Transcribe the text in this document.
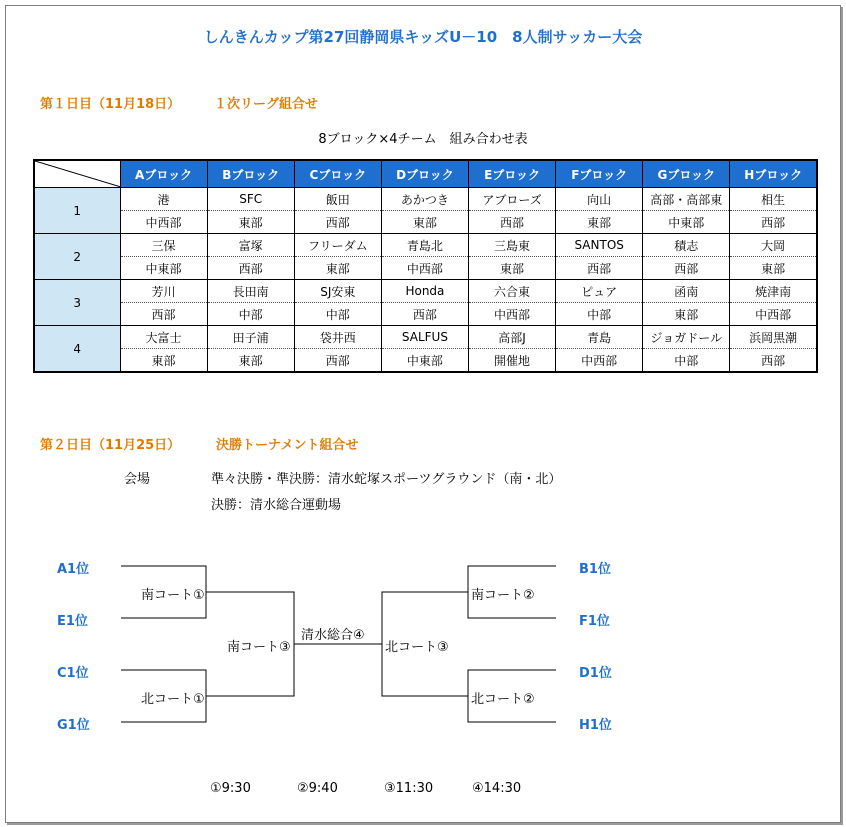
しんきんカップ第27回静岡県キッズU－10　8人制サッカー大会
第１日目（11月18日）	１次リーグ組合せ
8ブロック×4チーム　組み合わせ表
	Aブロック	Bブロック	Cブロック	Dブロック	Eブロック	Fブロック	Gブロック	Hブロック
1	港	SFC	飯田	あかつき	アブローズ	向山	高部・高部東	相生
	中西部	東部	西部	東部	西部	東部	中東部	西部
2	三保	富塚	フリーダム	青島北	三島東	SANTOS	積志	大岡
	中東部	西部	東部	中西部	東部	西部	西部	東部
3	芳川	長田南	SJ安東	Honda	六合東	ピュア	函南	焼津南
	西部	中部	中部	西部	中西部	中部	東部	中西部
4	大富士	田子浦	袋井西	SALFUS	高部J	青島	ジョガドール	浜岡黒潮
	東部	東部	西部	中東部	開催地	中西部	中部	西部
第２日目（11月25日）	決勝トーナメント組合せ
会場	準々決勝・準決勝：清水蛇塚スポーツグラウンド（南・北）
決勝：清水総合運動場
A1位
E1位
C1位
G1位
B1位
F1位
D1位
H1位
南コート①
北コート①
南コート③
清水総合④
北コート③
南コート②
北コート②
①9:30	②9:40	③11:30	④14:30
